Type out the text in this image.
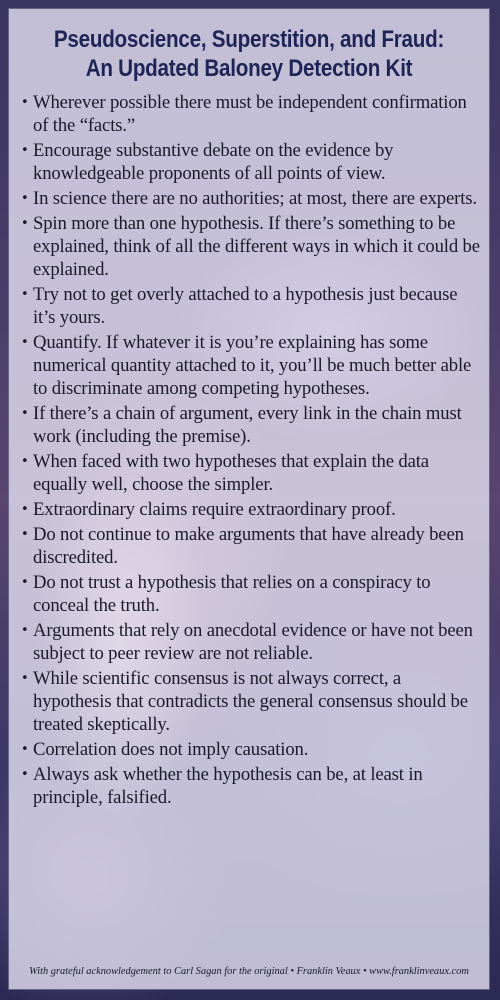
Pseudoscience, Superstition, and Fraud:
An Updated Baloney Detection Kit
• Wherever possible there must be independent confirmation of the “facts.”
• Encourage substantive debate on the evidence by knowledgeable proponents of all points of view.
• In science there are no authorities; at most, there are experts.
• Spin more than one hypothesis. If there’s something to be explained, think of all the different ways in which it could be explained.
• Try not to get overly attached to a hypothesis just because it’s yours.
• Quantify. If whatever it is you’re explaining has some numerical quantity attached to it, you’ll be much better able to discriminate among competing hypotheses.
• If there’s a chain of argument, every link in the chain must work (including the premise).
• When faced with two hypotheses that explain the data equally well, choose the simpler.
• Extraordinary claims require extraordinary proof.
• Do not continue to make arguments that have already been discredited.
• Do not trust a hypothesis that relies on a conspiracy to conceal the truth.
• Arguments that rely on anecdotal evidence or have not been subject to peer review are not reliable.
• While scientific consensus is not always correct, a hypothesis that contradicts the general consensus should be treated skeptically.
• Correlation does not imply causation.
• Always ask whether the hypothesis can be, at least in principle, falsified.
With grateful acknowledgement to Carl Sagan for the original • Franklin Veaux • www.franklinveaux.com
